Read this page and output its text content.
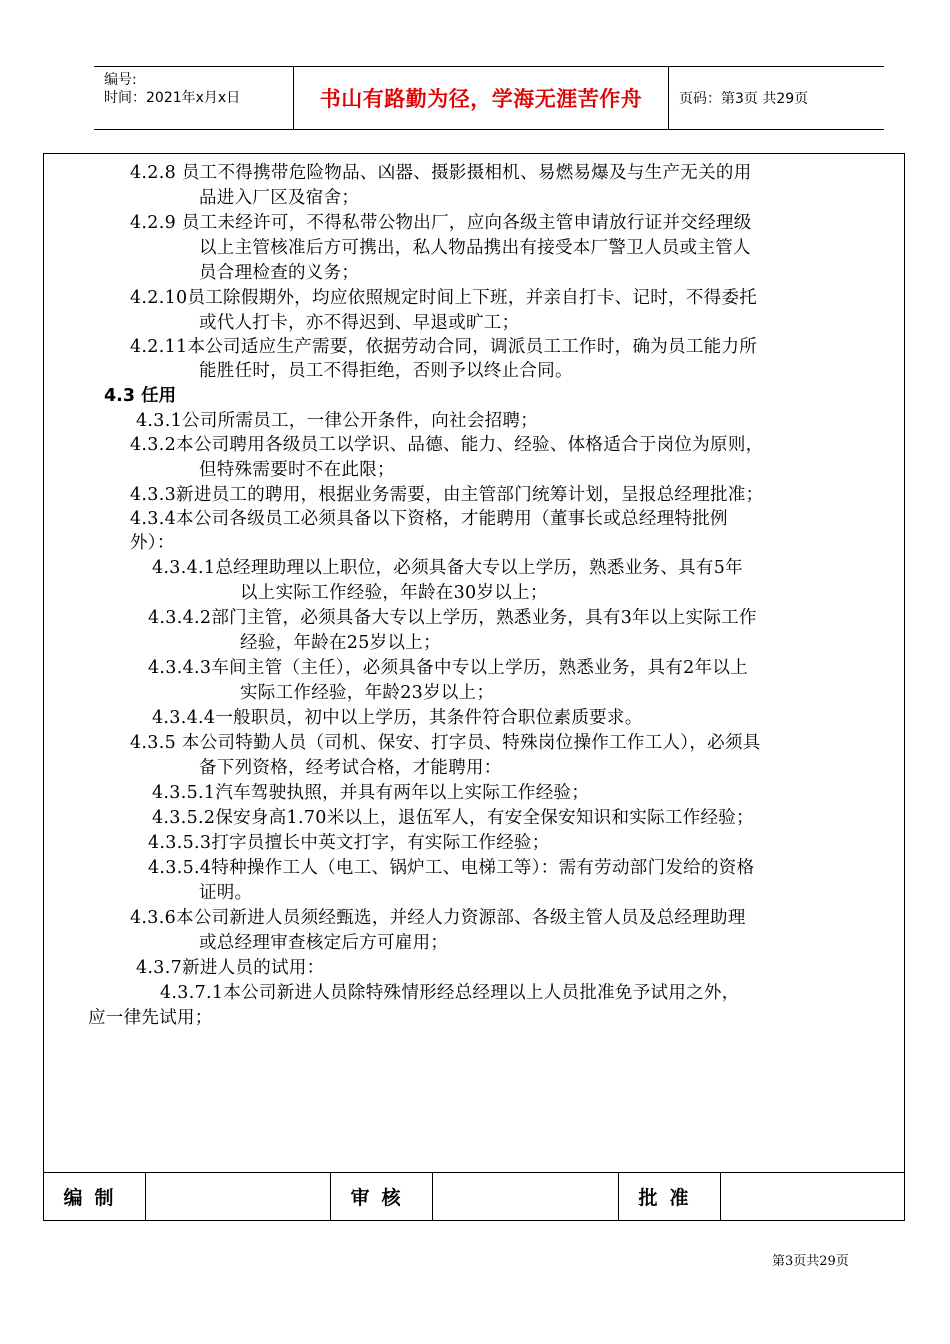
编号:
时间：2021年x月x日	书山有路勤为径，学海无涯苦作舟	页码：第3页 共29页
4.2.8 员工不得携带危险物品、凶器、摄影摄相机、易燃易爆及与生产无关的用
品进入厂区及宿舍；
4.2.9 员工未经许可，不得私带公物出厂，应向各级主管申请放行证并交经理级
以上主管核准后方可携出，私人物品携出有接受本厂警卫人员或主管人
员合理检查的义务；
4.2.10员工除假期外，均应依照规定时间上下班，并亲自打卡、记时，不得委托
或代人打卡，亦不得迟到、早退或旷工；
4.2.11本公司适应生产需要，依据劳动合同，调派员工工作时，确为员工能力所
能胜任时，员工不得拒绝，否则予以终止合同。
4.3 任用
4.3.1公司所需员工，一律公开条件，向社会招聘；
4.3.2本公司聘用各级员工以学识、品德、能力、经验、体格适合于岗位为原则，
但特殊需要时不在此限；
4.3.3新进员工的聘用，根据业务需要，由主管部门统筹计划，呈报总经理批准；
4.3.4本公司各级员工必须具备以下资格，才能聘用（董事长或总经理特批例
外）：
4.3.4.1总经理助理以上职位，必须具备大专以上学历，熟悉业务、具有5年
以上实际工作经验，年龄在30岁以上；
4.3.4.2部门主管，必须具备大专以上学历，熟悉业务，具有3年以上实际工作
经验，年龄在25岁以上；
4.3.4.3车间主管（主任），必须具备中专以上学历，熟悉业务，具有2年以上
实际工作经验，年龄23岁以上；
4.3.4.4一般职员，初中以上学历，其条件符合职位素质要求。
4.3.5 本公司特勤人员（司机、保安、打字员、特殊岗位操作工作工人），必须具
备下列资格，经考试合格，才能聘用：
4.3.5.1汽车驾驶执照，并具有两年以上实际工作经验；
4.3.5.2保安身高1.70米以上，退伍军人，有安全保安知识和实际工作经验；
4.3.5.3打字员擅长中英文打字，有实际工作经验；
4.3.5.4特种操作工人（电工、锅炉工、电梯工等）：需有劳动部门发给的资格
证明。
4.3.6本公司新进人员须经甄选，并经人力资源部、各级主管人员及总经理助理
或总经理审查核定后方可雇用；
4.3.7新进人员的试用：
4.3.7.1本公司新进人员除特殊情形经总经理以上人员批准免予试用之外，
应一律先试用；
编制	审核	批准
第3页共29页
